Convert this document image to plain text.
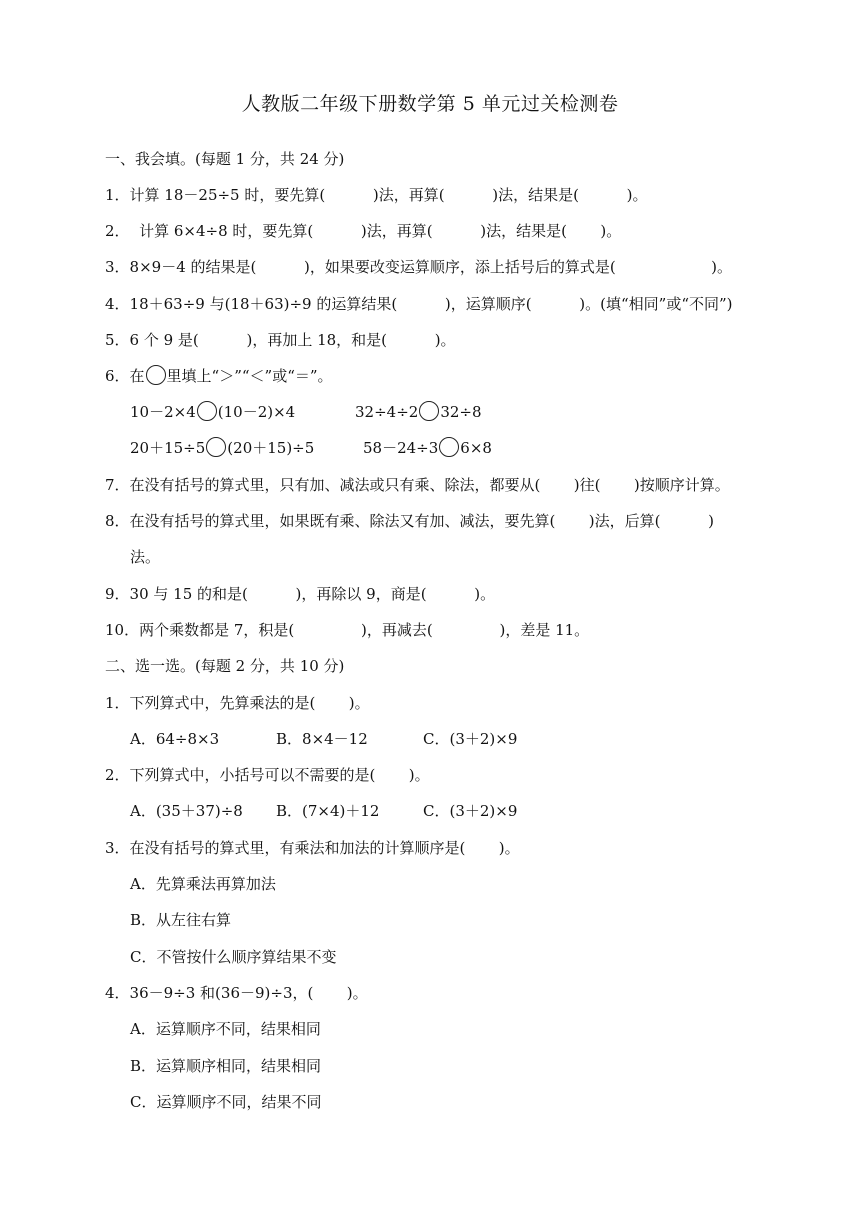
人教版二年级下册数学第 5 单元过关检测卷
一、我会填。(每题 1 分，共 24 分)
1．计算 18－25÷5 时，要先算(          )法，再算(          )法，结果是(          )。
2．  计算 6×4÷8 时，要先算(          )法，再算(          )法，结果是(       )。
3．8×9－4 的结果是(          )，如果要改变运算顺序，添上括号后的算式是(                    )。
4．18＋63÷9 与(18＋63)÷9 的运算结果(          )，运算顺序(          )。(填“相同”或“不同”)
5．6 个 9 是(          )，再加上 18，和是(          )。
6．在 里填上“＞”“＜”或“＝”。
10－2×4 (10－2)×4	32÷4÷2 32÷8
20＋15÷5 (20＋15)÷5	58－24÷3 6×8
7．在没有括号的算式里，只有加、减法或只有乘、除法，都要从(       )往(       )按顺序计算。
8．在没有括号的算式里，如果既有乘、除法又有加、减法，要先算(       )法，后算(          )
法。
9．30 与 15 的和是(          )，再除以 9，商是(          )。
10．两个乘数都是 7，积是(              )，再减去(              )，差是 11。
二、选一选。(每题 2 分，共 10 分)
1．下列算式中，先算乘法的是(       )。
A．64÷8×3	B．8×4－12	C．(3＋2)×9
2．下列算式中，小括号可以不需要的是(       )。
A．(35＋37)÷8 B．(7×4)＋12	C．(3＋2)×9
3．在没有括号的算式里，有乘法和加法的计算顺序是(       )。
A．先算乘法再算加法
B．从左往右算
C．不管按什么顺序算结果不变
4．36－9÷3 和(36－9)÷3，(       )。
A．运算顺序不同，结果相同
B．运算顺序相同，结果相同
C．运算顺序不同，结果不同
